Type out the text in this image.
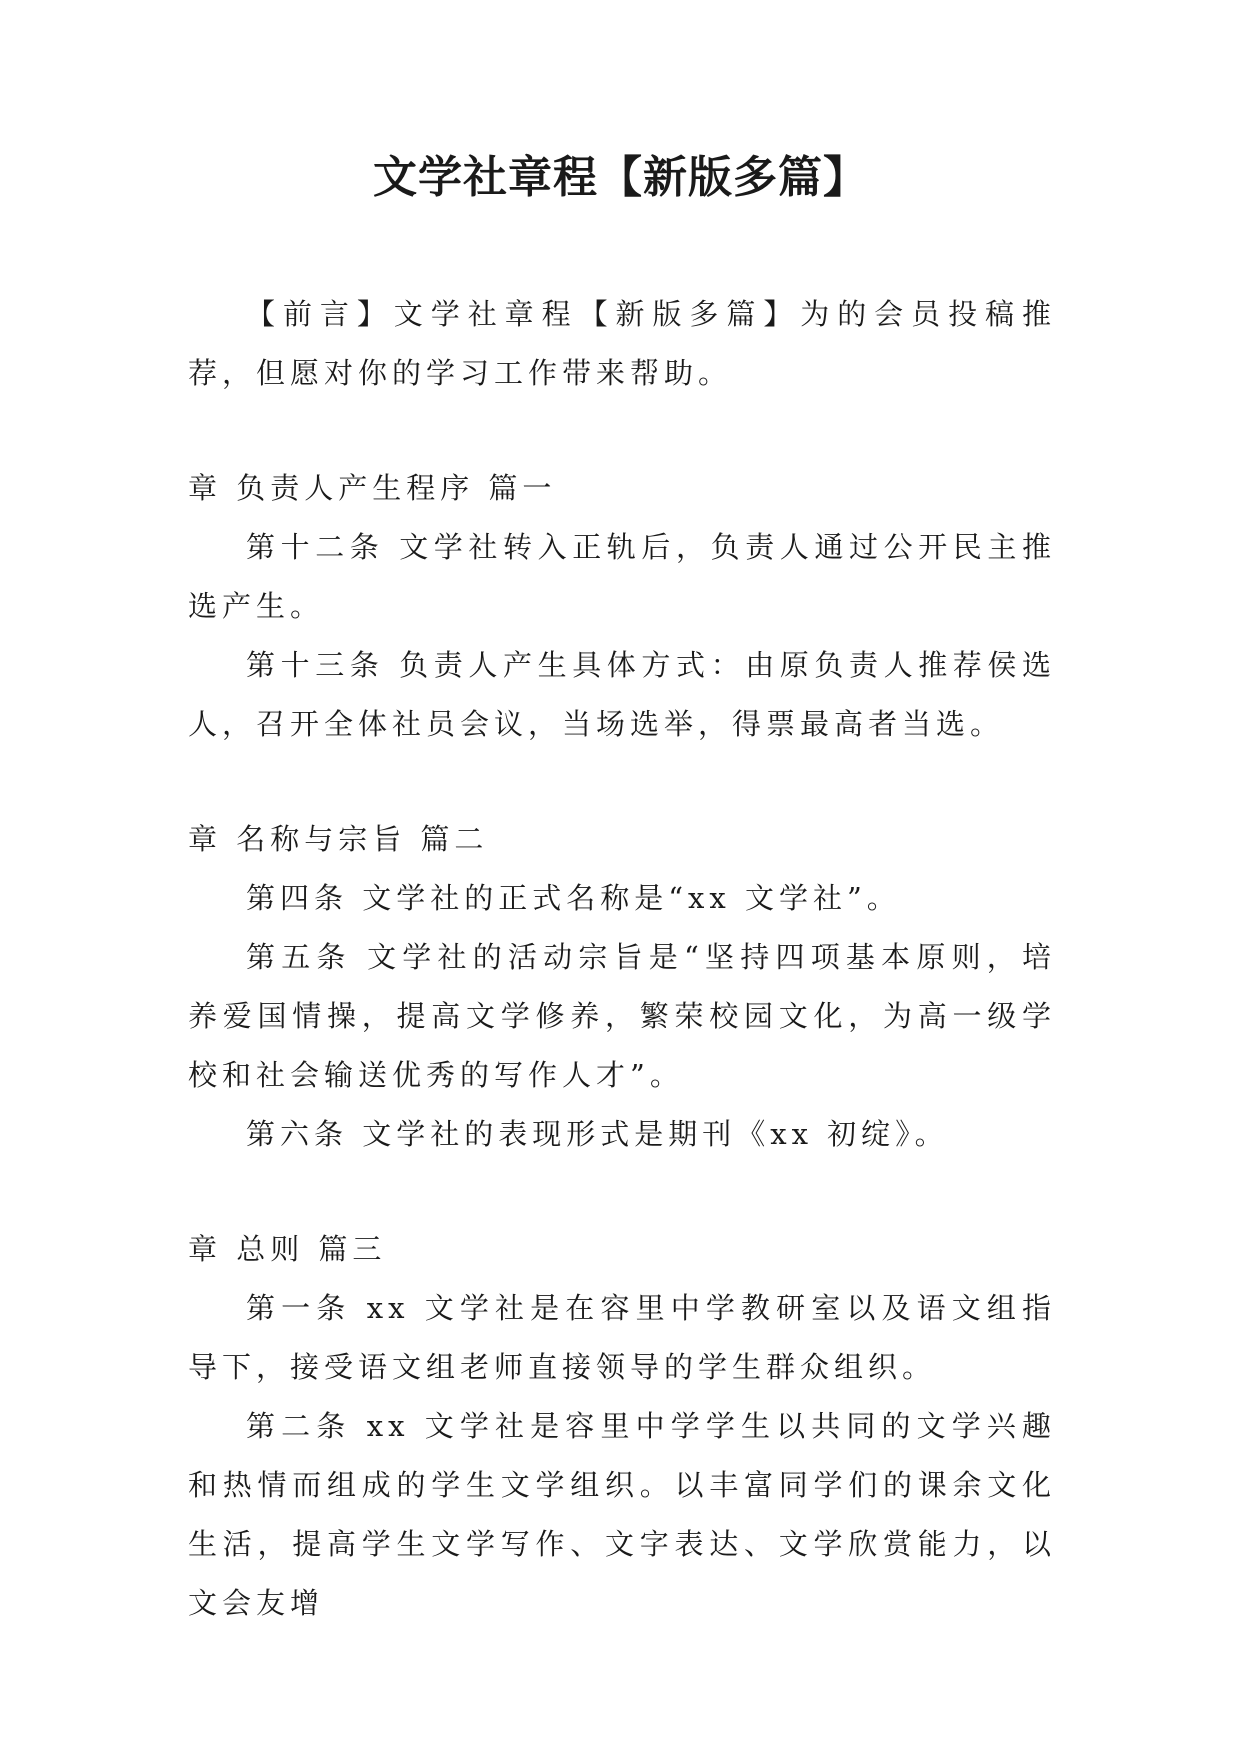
文学社章程【新版多篇】

【前言】文学社章程【新版多篇】为的会员投稿推荐，但愿对你的学习工作带来帮助。

章 负责人产生程序 篇一

第十二条 文学社转入正轨后，负责人通过公开民主推选产生。

第十三条 负责人产生具体方式：由原负责人推荐侯选人，召开全体社员会议，当场选举，得票最高者当选。

章 名称与宗旨 篇二

第四条 文学社的正式名称是“xx 文学社”。

第五条 文学社的活动宗旨是“坚持四项基本原则，培养爱国情操，提高文学修养，繁荣校园文化，为高一级学校和社会输送优秀的写作人才”。

第六条 文学社的表现形式是期刊《xx 初绽》。

章 总则 篇三

第一条 xx 文学社是在容里中学教研室以及语文组指导下，接受语文组老师直接领导的学生群众组织。

第二条 xx 文学社是容里中学学生以共同的文学兴趣和热情而组成的学生文学组织。以丰富同学们的课余文化生活，提高学生文学写作、文字表达、文学欣赏能力，以文会友增
